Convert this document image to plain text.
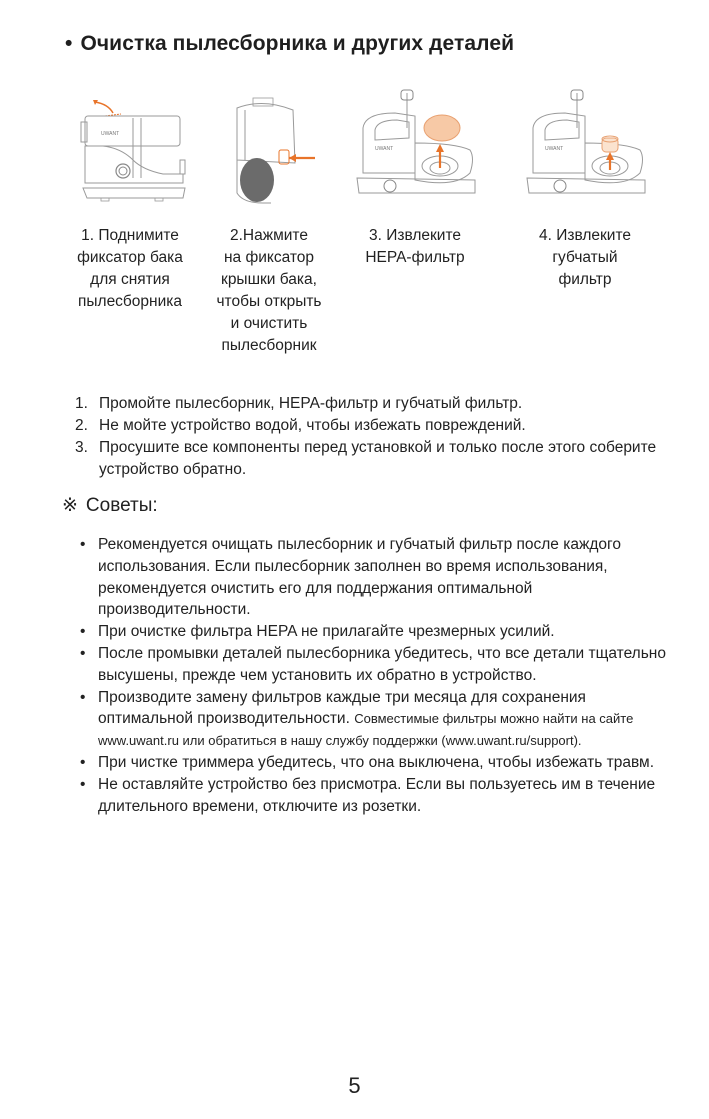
• Очистка пылесборника и других деталей
UWANT
UWANT	UWANT
1. Поднимите
фиксатор бака
для снятия
пылесборника
2.Нажмите
на фиксатор
крышки бака,
чтобы открыть
и очистить
пылесборник
3. Извлеките
HEPA-фильтр
4. Извлеките
губчатый
фильтр
1. Промойте пылесборник, HEPA-фильтр и губчатый фильтр.
2. Не мойте устройство водой, чтобы избежать повреждений.
3. Просушите все компоненты перед установкой и только после этого соберите устройство обратно.
※ Советы:
• Рекомендуется очищать пылесборник и губчатый фильтр после каждого использования. Если пылесборник заполнен во время использования, рекомендуется очистить его для поддержания оптимальной производительности.
• При очистке фильтра HEPA не прилагайте чрезмерных усилий.
• После промывки деталей пылесборника убедитесь, что все детали тщательно высушены, прежде чем установить их обратно в устройство.
• Производите замену фильтров каждые три месяца для сохранения оптимальной производительности. Совместимые фильтры можно найти на сайте www.uwant.ru или обратиться в нашу службу поддержки (www.uwant.ru/support).
• При чистке триммера убедитесь, что она выключена, чтобы избежать травм.
• Не оставляйте устройство без присмотра. Если вы пользуетесь им в течение длительного времени, отключите из розетки.
5
